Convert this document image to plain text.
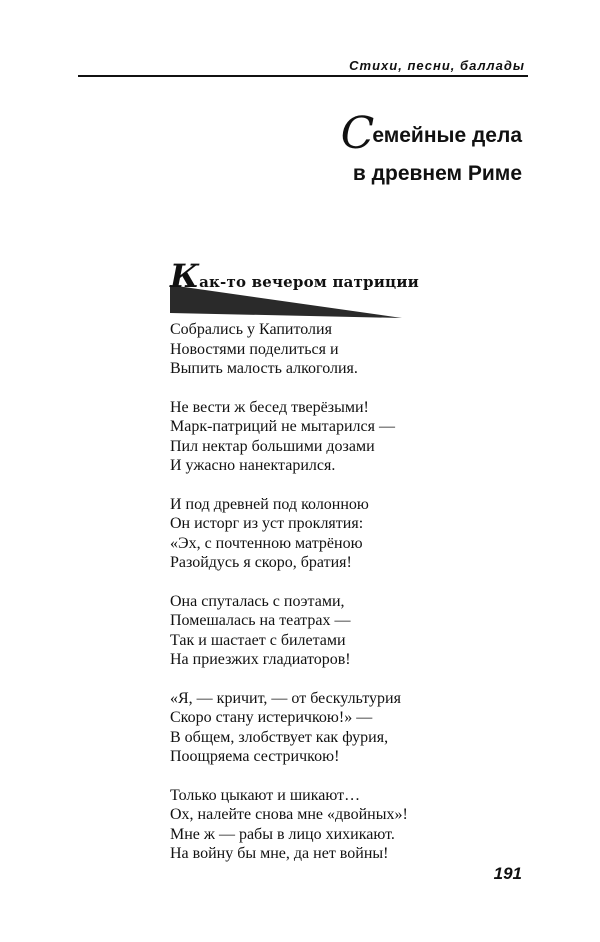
Стихи, песни, баллады
Семейные дела
в древнем Риме
Как-то вечером патриции
Собрались у Капитолия
Новостями поделиться и
Выпить малость алкоголия.
Не вести ж бесед тверёзыми!
Марк-патриций не мытарился —
Пил нектар большими дозами
И ужасно нанектарился.
И под древней под колонною
Он исторг из уст проклятия:
«Эх, с почтенною матрёною
Разойдусь я скоро, братия!
Она спуталась с поэтами,
Помешалась на театрах —
Так и шастает с билетами
На приезжих гладиаторов!
«Я, — кричит, — от бескультурия
Скоро стану истеричкою!» —
В общем, злобствует как фурия,
Поощряема сестричкою!
Только цыкают и шикают…
Ох, налейте снова мне «двойных»!
Мне ж — рабы в лицо хихикают.
На войну бы мне, да нет войны!
191
